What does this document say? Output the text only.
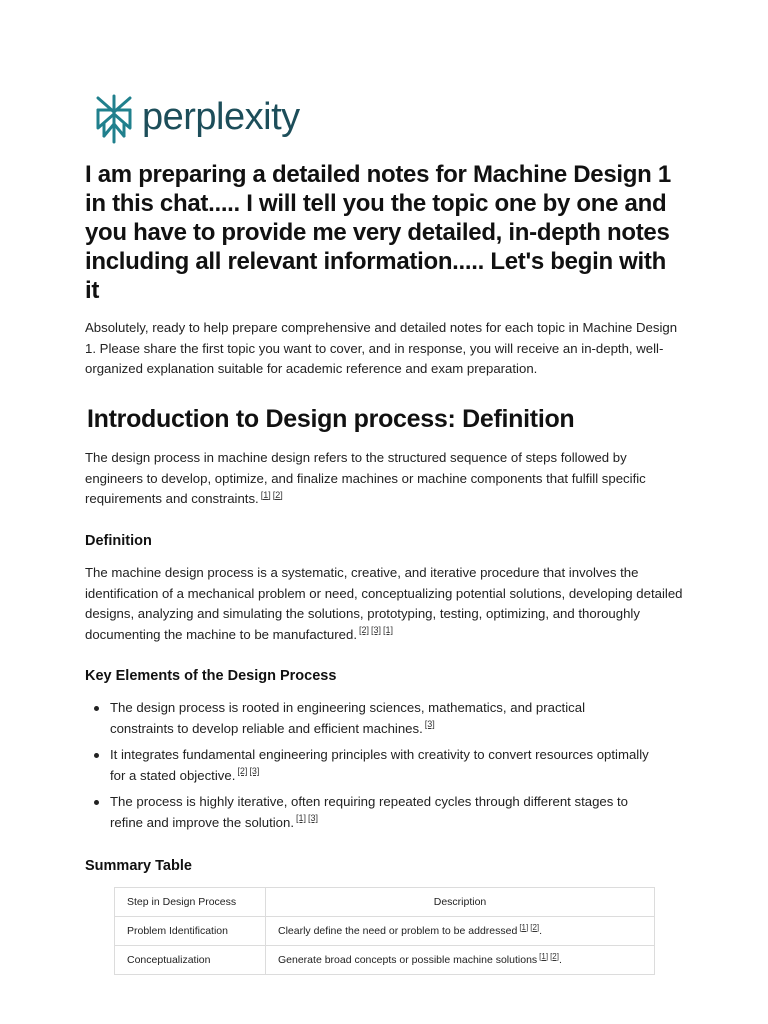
perplexity
I am preparing a detailed notes for Machine Design 1 in this chat..... I will tell you the topic one by one and you have to provide me very detailed, in-depth notes including all relevant information..... Let's begin with it

Absolutely, ready to help prepare comprehensive and detailed notes for each topic in Machine Design 1. Please share the first topic you want to cover, and in response, you will receive an in-depth, well-organized explanation suitable for academic reference and exam preparation.

Introduction to Design process: Definition

The design process in machine design refers to the structured sequence of steps followed by engineers to develop, optimize, and finalize machines or machine components that fulfill specific requirements and constraints. [1] [2]

Definition

The machine design process is a systematic, creative, and iterative procedure that involves the identification of a mechanical problem or need, conceptualizing potential solutions, developing detailed designs, analyzing and simulating the solutions, prototyping, testing, optimizing, and thoroughly documenting the machine to be manufactured. [2] [3] [1]

Key Elements of the Design Process
The design process is rooted in engineering sciences, mathematics, and practical constraints to develop reliable and efficient machines. [3]
It integrates fundamental engineering principles with creativity to convert resources optimally for a stated objective. [2] [3]
The process is highly iterative, often requiring repeated cycles through different stages to refine and improve the solution. [1] [3]
Summary Table
Step in Design Process	Description
Problem Identification	Clearly define the need or problem to be addressed [1] [2].
Conceptualization	Generate broad concepts or possible machine solutions [1] [2].
